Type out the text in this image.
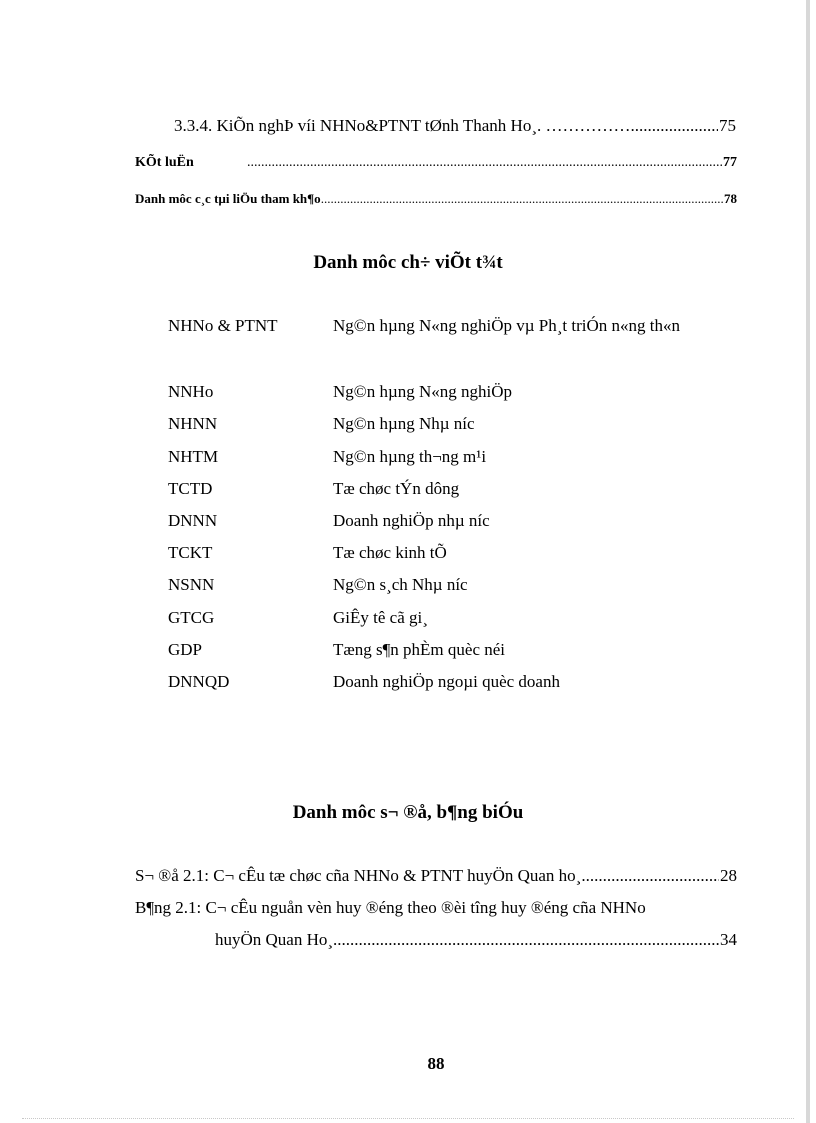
3.3.4. KiÕn nghÞ víi NHNo&PTNT tØnh Thanh Ho¸. …………… .....	75
KÕt luËn .....	77
Danh môc c¸c tµi liÖu tham kh¶o .....	78
Danh môc ch÷ viÕt t¾t
NHNo & PTNT	Ng©n hµng N«ng nghiÖp vµ Ph¸t triÓn n«ng th«n
NNHo	Ng©n hµng N«ng nghiÖp
NHNN	Ng©n hµng Nhµ níc
NHTM	Ng©n hµng th¬ng m¹i
TCTD	Tæ chøc tÝn dông
DNNN	Doanh nghiÖp nhµ níc
TCKT	Tæ chøc kinh tÕ
NSNN	Ng©n s¸ch Nhµ níc
GTCG	GiÊy tê cã gi¸
GDP	Tæng s¶n phÈm quèc néi
DNNQD	Doanh nghiÖp ngoµi quèc doanh
Danh môc s¬ ®å, b¶ng biÓu
S¬ ®å 2.1: C¬ cÊu tæ chøc cña NHNo & PTNT huyÖn Quan ho¸ .....	28
B¶ng 2.1: C¬ cÊu nguån vèn huy ®éng theo ®èi tîng huy ®éng cña NHNo
huyÖn Quan Ho¸ .....	34
88
